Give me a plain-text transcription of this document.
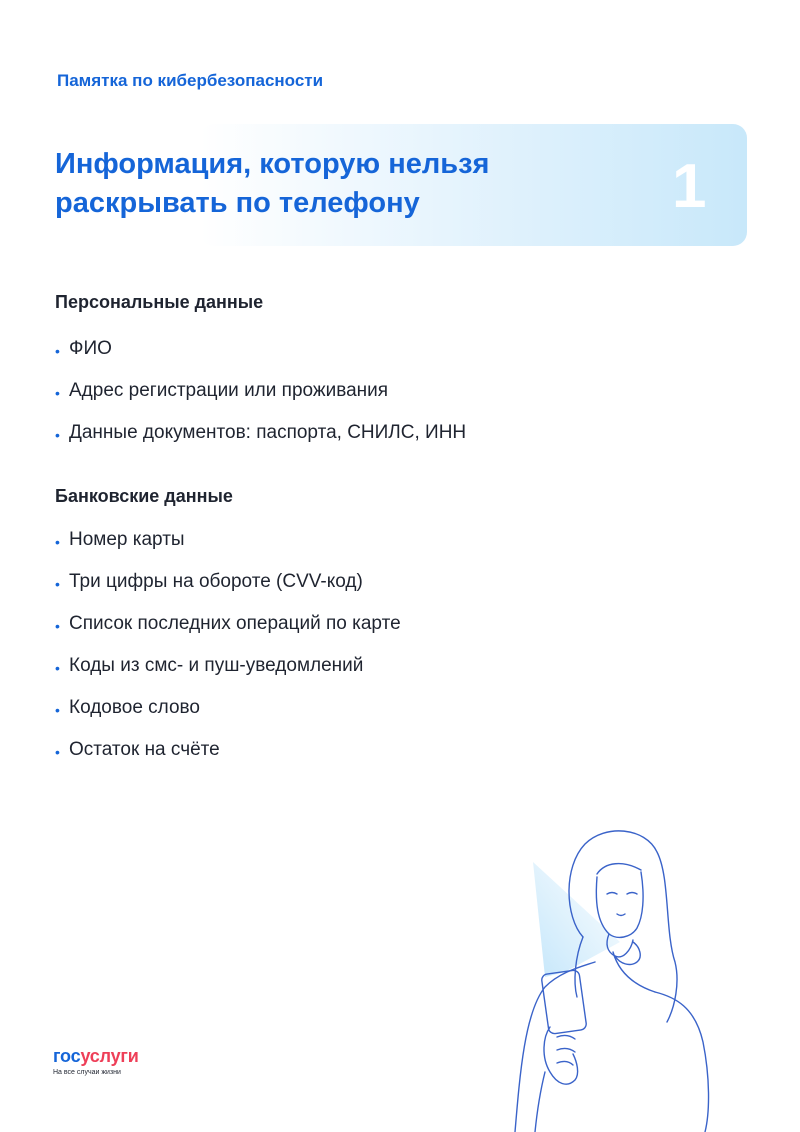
Памятка по кибербезопасности
Информация, которую нельзя раскрывать по телефону	1
Персональные данные
• ФИО
• Адрес регистрации или проживания
• Данные документов: паспорта, СНИЛС, ИНН
Банковские данные
• Номер карты
• Три цифры на обороте (CVV-код)
• Список последних операций по карте
• Коды из смс- и пуш-уведомлений
• Кодовое слово
• Остаток на счёте
госуслуги
На все случаи жизни
